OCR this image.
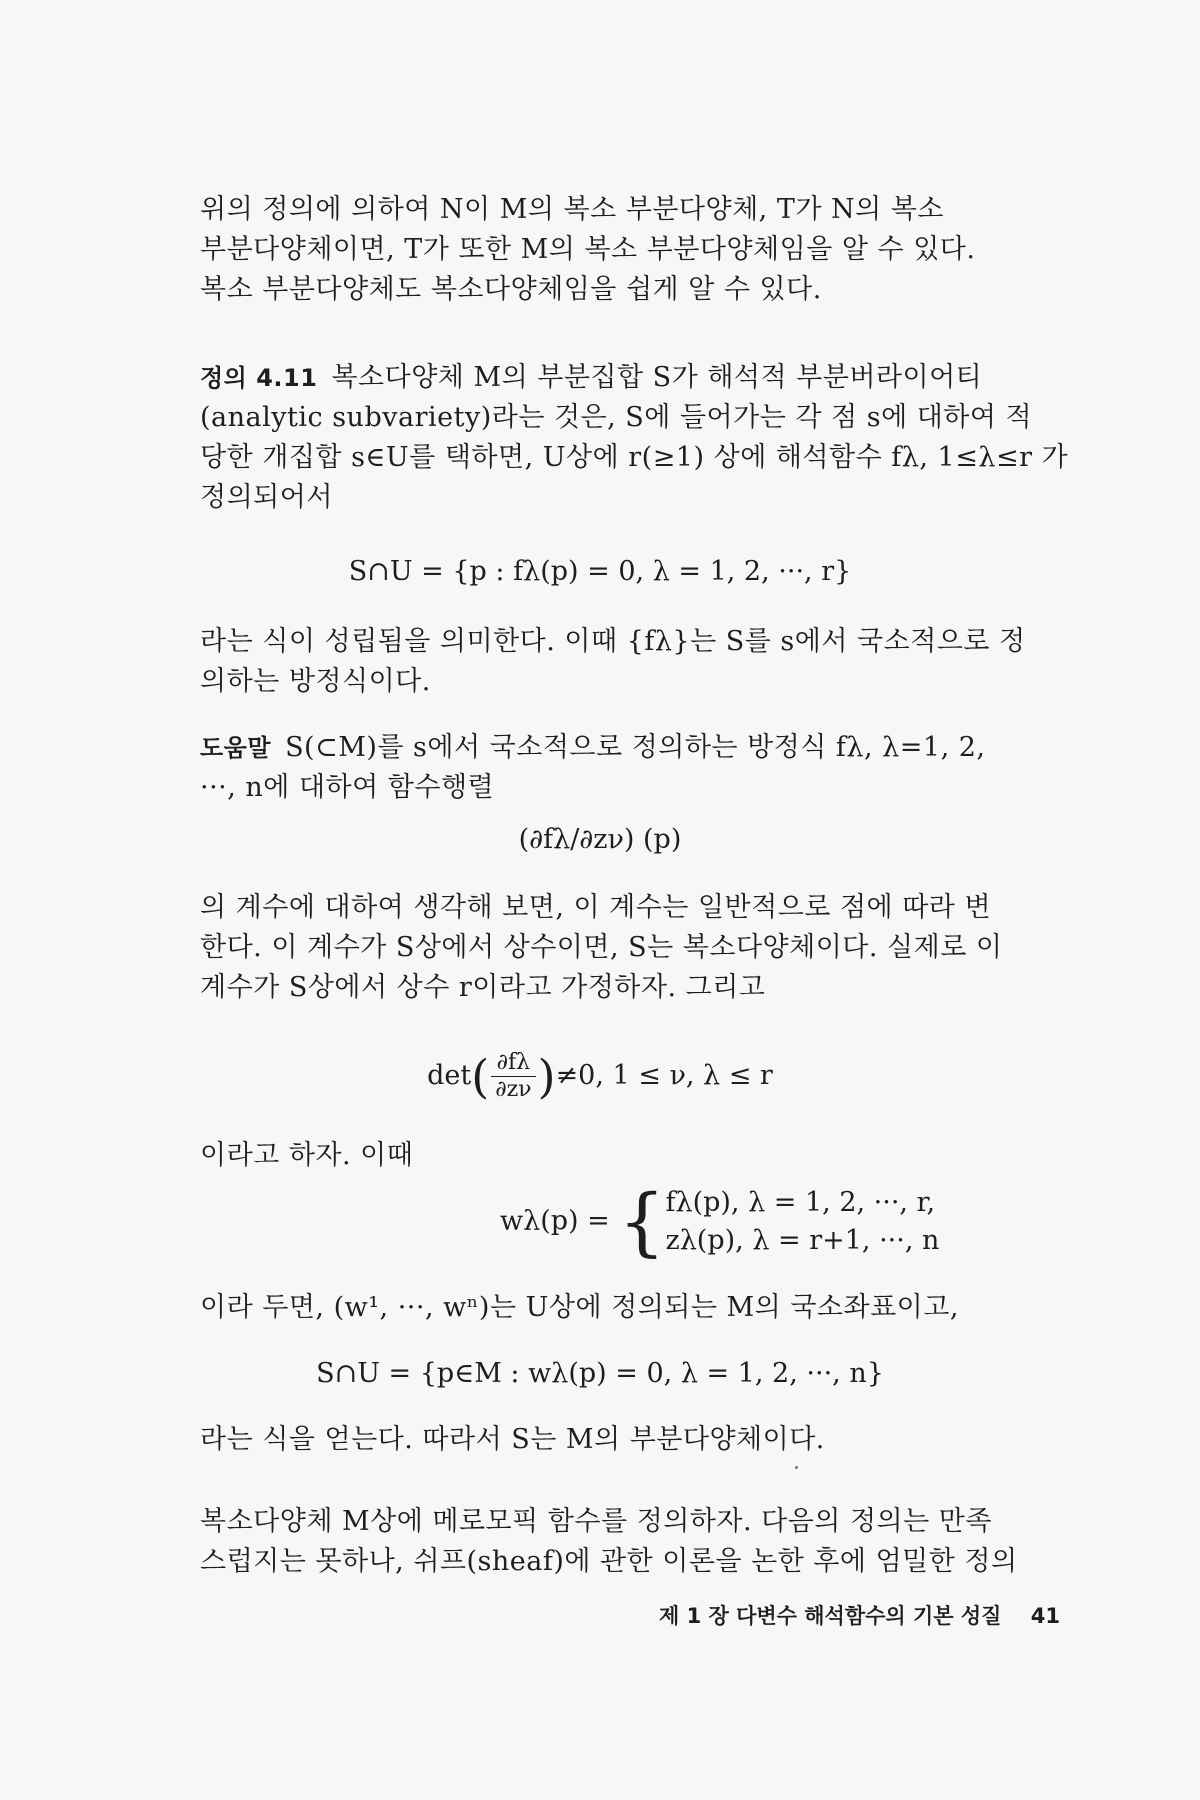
위의 정의에 의하여 N이 M의 복소 부분다양체, T가 N의 복소
부분다양체이면, T가 또한 M의 복소 부분다양체임을 알 수 있다.
복소 부분다양체도 복소다양체임을 쉽게 알 수 있다.
정의 4.11 복소다양체 M의 부분집합 S가 해석적 부분버라이어티
(analytic subvariety)라는 것은, S에 들어가는 각 점 s에 대하여 적
당한 개집합 s∈U를 택하면, U상에 r(≥1) 상에 해석함수 fλ, 1≤λ≤r 가
정의되어서

S∩U = {p : fλ(p) = 0, λ = 1, 2, ···, r}

라는 식이 성립됨을 의미한다. 이때 {fλ}는 S를 s에서 국소적으로 정
의하는 방정식이다.
도움말 S(⊂M)를 s에서 국소적으로 정의하는 방정식 fλ, λ=1, 2,
···, n에 대하여 함수행렬

(∂fλ/∂zν) (p)

의 계수에 대하여 생각해 보면, 이 계수는 일반적으로 점에 따라 변
한다. 이 계수가 S상에서 상수이면, S는 복소다양체이다. 실제로 이
계수가 S상에서 상수 r이라고 가정하자. 그리고
$\det( \frac{\partial f\lambda}{\partial z\nu} )\ne 0$, 1 ≤ ν, λ ≤ r
이라고 하자. 이때
wλ(p) = { fλ(p), λ = 1, 2, ···, r,
zλ(p), λ = r+1, ···, n
이라 두면, (w¹, ···, wⁿ)는 U상에 정의되는 M의 국소좌표이고,

S∩U = {p∈M : wλ(p) = 0, λ = 1, 2, ···, n}

라는 식을 얻는다. 따라서 S는 M의 부분다양체이다.
복소다양체 M상에 메로모픽 함수를 정의하자. 다음의 정의는 만족
스럽지는 못하나, 쉬프(sheaf)에 관한 이론을 논한 후에 엄밀한 정의
제 1 장 다변수 해석함수의 기본 성질 41
